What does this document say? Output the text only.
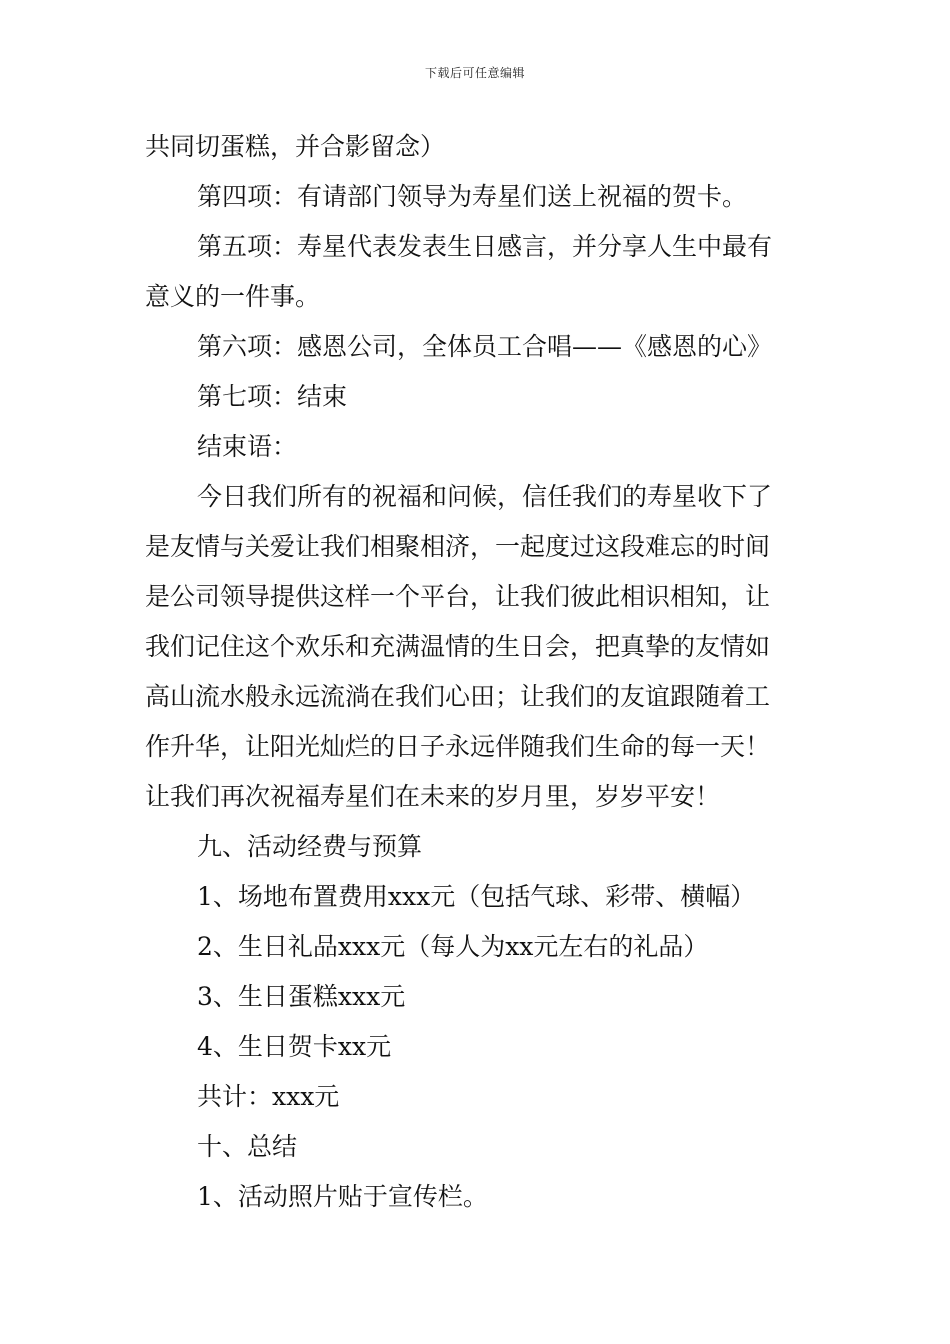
下载后可任意编辑
共同切蛋糕，并合影留念）
第四项：有请部门领导为寿星们送上祝福的贺卡。
第五项：寿星代表发表生日感言，并分享人生中最有
意义的一件事。
第六项：感恩公司，全体员工合唱——《感恩的心》
第七项：结束
结束语：
今日我们所有的祝福和问候，信任我们的寿星收下了
是友情与关爱让我们相聚相济，一起度过这段难忘的时间
是公司领导提供这样一个平台，让我们彼此相识相知，让
我们记住这个欢乐和充满温情的生日会，把真挚的友情如
高山流水般永远流淌在我们心田；让我们的友谊跟随着工
作升华，让阳光灿烂的日子永远伴随我们生命的每一天！
让我们再次祝福寿星们在未来的岁月里，岁岁平安！
九、活动经费与预算
1、场地布置费用xxx元（包括气球、彩带、横幅）
2、生日礼品xxx元（每人为xx元左右的礼品）
3、生日蛋糕xxx元
4、生日贺卡xx元
共计：xxx元
十、总结
1、活动照片贴于宣传栏。
